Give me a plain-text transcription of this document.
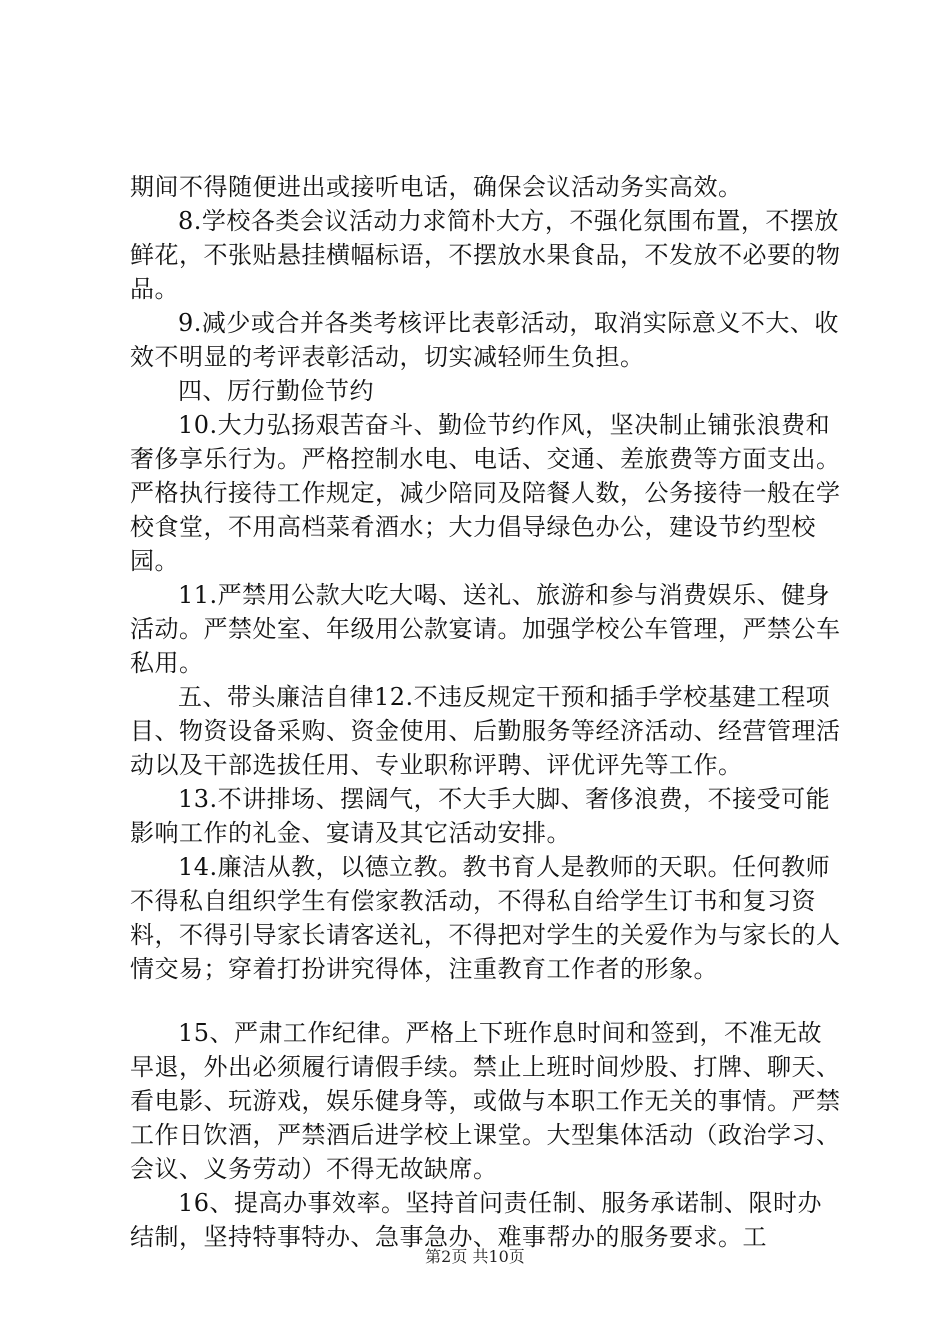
期间不得随便进出或接听电话，确保会议活动务实高效。

8.学校各类会议活动力求简朴大方，不强化氛围布置，不摆放鲜花，不张贴悬挂横幅标语，不摆放水果食品，不发放不必要的物品。

9.减少或合并各类考核评比表彰活动，取消实际意义不大、收效不明显的考评表彰活动，切实减轻师生负担。

四、厉行勤俭节约

10.大力弘扬艰苦奋斗、勤俭节约作风，坚决制止铺张浪费和奢侈享乐行为。严格控制水电、电话、交通、差旅费等方面支出。严格执行接待工作规定，减少陪同及陪餐人数，公务接待一般在学校食堂，不用高档菜肴酒水；大力倡导绿色办公，建设节约型校园。

11.严禁用公款大吃大喝、送礼、旅游和参与消费娱乐、健身活动。严禁处室、年级用公款宴请。加强学校公车管理，严禁公车私用。

五、带头廉洁自律12.不违反规定干预和插手学校基建工程项目、物资设备采购、资金使用、后勤服务等经济活动、经营管理活动以及干部选拔任用、专业职称评聘、评优评先等工作。

13.不讲排场、摆阔气，不大手大脚、奢侈浪费，不接受可能影响工作的礼金、宴请及其它活动安排。

14.廉洁从教，以德立教。教书育人是教师的天职。任何教师不得私自组织学生有偿家教活动，不得私自给学生订书和复习资料，不得引导家长请客送礼，不得把对学生的关爱作为与家长的人情交易；穿着打扮讲究得体，注重教育工作者的形象。

15、严肃工作纪律。严格上下班作息时间和签到，不准无故早退，外出必须履行请假手续。禁止上班时间炒股、打牌、聊天、看电影、玩游戏，娱乐健身等，或做与本职工作无关的事情。严禁工作日饮酒，严禁酒后进学校上课堂。大型集体活动（政治学习、会议、义务劳动）不得无故缺席。

16、提高办事效率。坚持首问责任制、服务承诺制、限时办结制，坚持特事特办、急事急办、难事帮办的服务要求。工

第2页 共10页
